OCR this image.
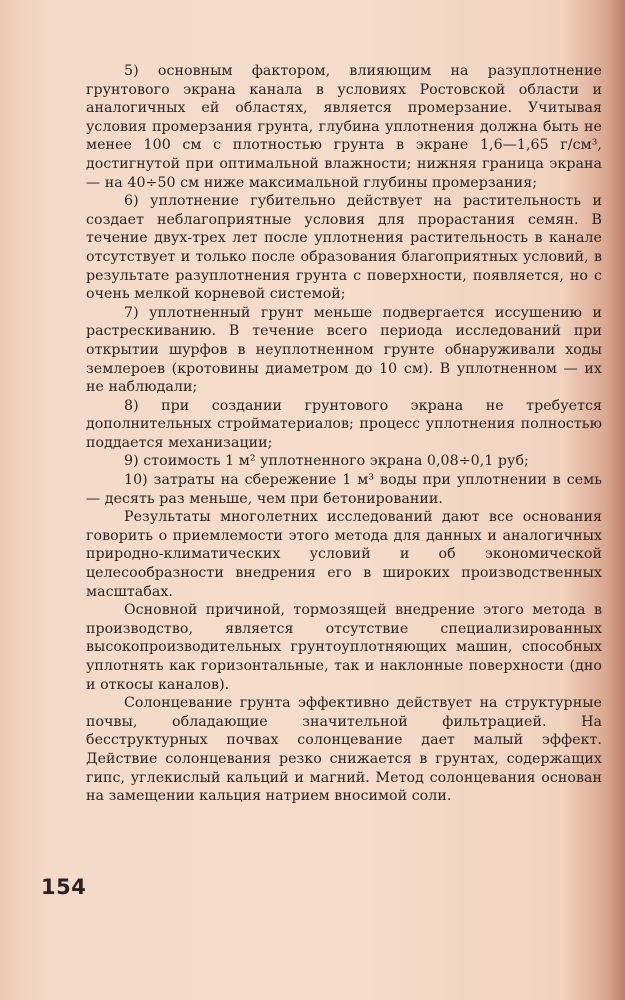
5) основным фактором, влияющим на разуплотнение грунтового экрана канала в условиях Ростовской области и аналогичных ей областях, является промерзание. Учитывая условия промерзания грунта, глубина уплотнения должна быть не менее 100 см с плотностью грунта в экране 1,6—1,65 г/см³, достигнутой при оптимальной влажности; нижняя граница экрана — на 40÷50 см ниже максимальной глубины промерзания;

6) уплотнение губительно действует на растительность и создает неблагоприятные условия для прорастания семян. В течение двух-трех лет после уплотнения растительность в канале отсутствует и только после образования благоприятных условий, в результате разуплотнения грунта с поверхности, появляется, но с очень мелкой корневой системой;

7) уплотненный грунт меньше подвергается иссушению и растрескиванию. В течение всего периода исследований при открытии шурфов в неуплотненном грунте обнаруживали ходы землероев (кротовины диаметром до 10 см). В уплотненном — их не наблюдали;

8) при создании грунтового экрана не требуется дополнительных стройматериалов; процесс уплотнения полностью поддается механизации;

9) стоимость 1 м² уплотненного экрана 0,08÷0,1 руб;

10) затраты на сбережение 1 м³ воды при уплотнении в семь — десять раз меньше, чем при бетонировании.

Результаты многолетних исследований дают все основания говорить о приемлемости этого метода для данных и аналогичных природно-климатических условий и об экономической целесообразности внедрения его в широких производственных масштабах.

Основной причиной, тормозящей внедрение этого метода в производство, является отсутствие специализированных высокопроизводительных грунтоуплотняющих машин, способных уплотнять как горизонтальные, так и наклонные поверхности (дно и откосы каналов).

Солонцевание грунта эффективно действует на структурные почвы, обладающие значительной фильтрацией. На бесструктурных почвах солонцевание дает малый эффект. Действие солонцевания резко снижается в грунтах, содержащих гипс, углекислый кальций и магний. Метод солонцевания основан на замещении кальция натрием вносимой соли.

154
